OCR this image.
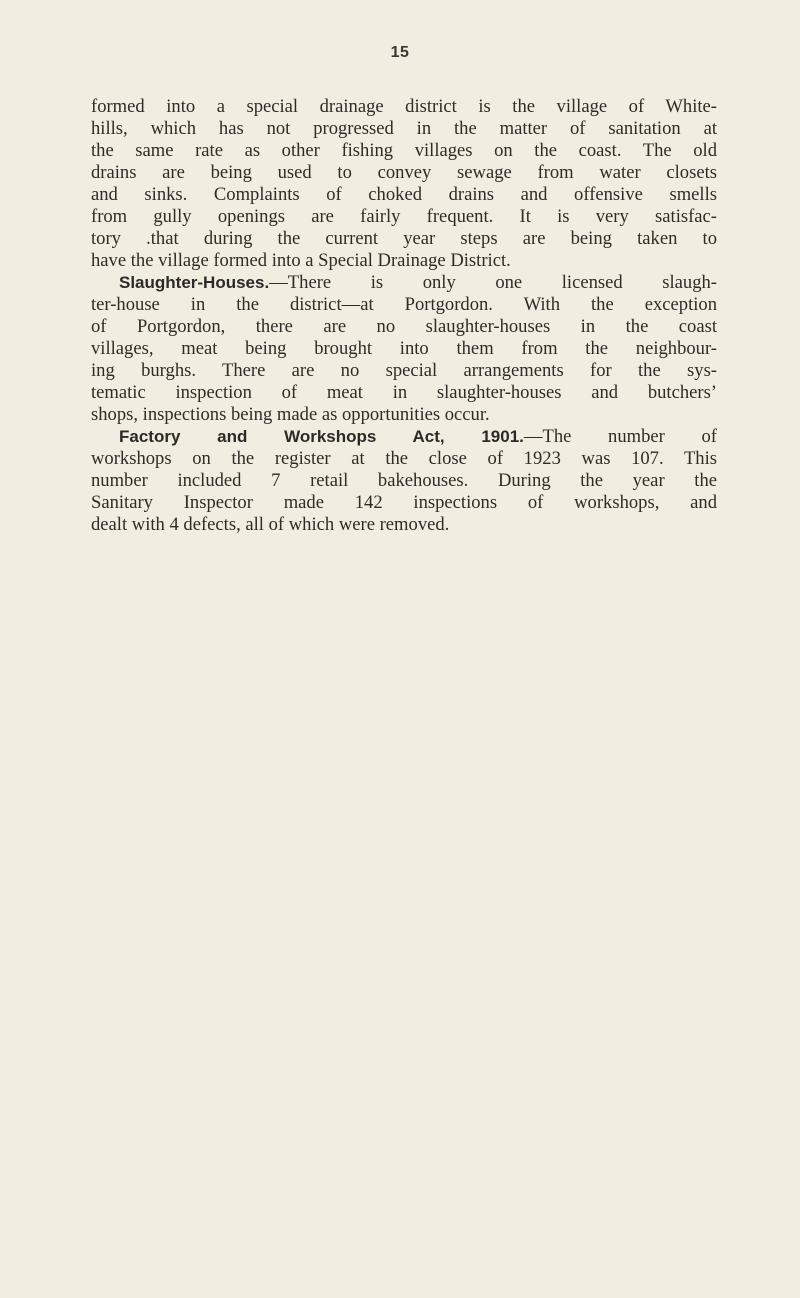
15
formed into a special drainage district is the village of White-
hills, which has not progressed in the matter of sanitation at
the same rate as other fishing villages on the coast. The old
drains are being used to convey sewage from water closets
and sinks. Complaints of choked drains and offensive smells
from gully openings are fairly frequent. It is very satisfac-
tory .that during the current year steps are being taken to
have the village formed into a Special Drainage District.
Slaughter-Houses.—There is only one licensed slaugh-
ter-house in the district—at Portgordon. With the exception
of Portgordon, there are no slaughter-houses in the coast
villages, meat being brought into them from the neighbour-
ing burghs. There are no special arrangements for the sys-
tematic inspection of meat in slaughter-houses and butchers’
shops, inspections being made as opportunities occur.
Factory and Workshops Act, 1901.—The number of
workshops on the register at the close of 1923 was 107. This
number included 7 retail bakehouses. During the year the
Sanitary Inspector made 142 inspections of workshops, and
dealt with 4 defects, all of which were removed.
